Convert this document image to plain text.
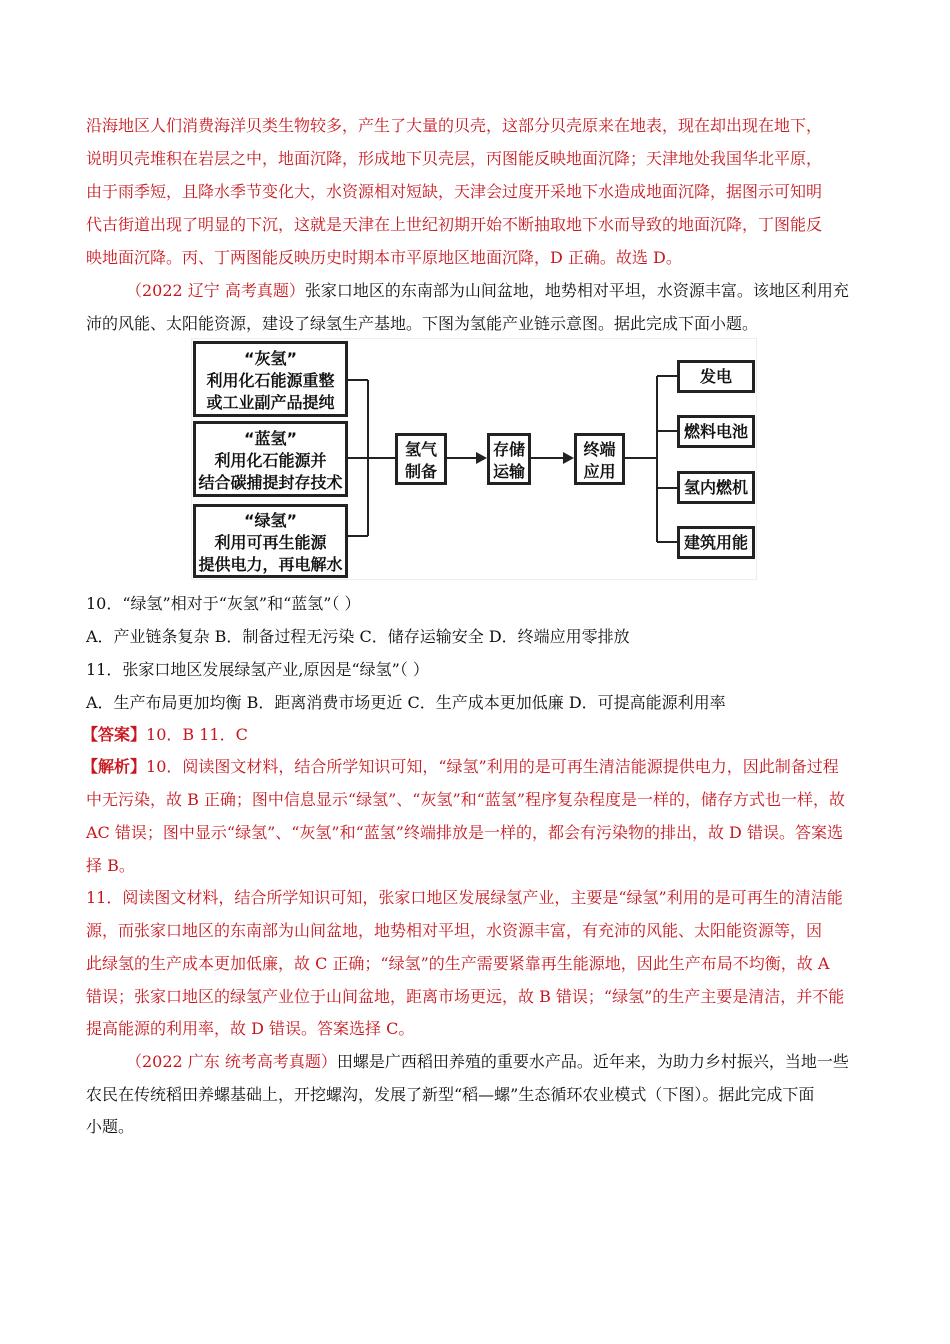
沿海地区人们消费海洋贝类生物较多，产生了大量的贝壳，这部分贝壳原来在地表，现在却出现在地下，
说明贝壳堆积在岩层之中，地面沉降，形成地下贝壳层，丙图能反映地面沉降；天津地处我国华北平原，
由于雨季短，且降水季节变化大，水资源相对短缺，天津会过度开采地下水造成地面沉降，据图示可知明
代古街道出现了明显的下沉，这就是天津在上世纪初期开始不断抽取地下水而导致的地面沉降，丁图能反
映地面沉降。丙、丁两图能反映历史时期本市平原地区地面沉降，D 正确。故选 D。
（2022 辽宁 高考真题）张家口地区的东南部为山间盆地，地势相对平坦，水资源丰富。该地区利用充
沛的风能、太阳能资源，建设了绿氢生产基地。下图为氢能产业链示意图。据此完成下面小题。
“灰氢”
利用化石能源重整
或工业副产品提纯
“蓝氢”
利用化石能源并
结合碳捕提封存技术
“绿氢”
利用可再生能源
提供电力，再电解水
氢气
制备
存储
运输
终端
应用
发电
燃料电池
氢内燃机
建筑用能
10．“绿氢”相对于“灰氢”和“蓝氢”（ ）
A．产业链条复杂 B．制备过程无污染 C．储存运输安全 D．终端应用零排放
11．张家口地区发展绿氢产业,原因是“绿氢”（ ）
A．生产布局更加均衡 B．距离消费市场更近 C．生产成本更加低廉 D．可提高能源利用率
【答案】10．B 11．C
【解析】10．阅读图文材料，结合所学知识可知，“绿氢”利用的是可再生清洁能源提供电力，因此制备过程
中无污染，故 B 正确；图中信息显示“绿氢”、“灰氢”和“蓝氢”程序复杂程度是一样的，储存方式也一样，故
AC 错误；图中显示“绿氢”、“灰氢”和“蓝氢”终端排放是一样的，都会有污染物的排出，故 D 错误。答案选
择 B。
11．阅读图文材料，结合所学知识可知，张家口地区发展绿氢产业，主要是“绿氢”利用的是可再生的清洁能
源，而张家口地区的东南部为山间盆地，地势相对平坦，水资源丰富，有充沛的风能、太阳能资源等，因
此绿氢的生产成本更加低廉，故 C 正确；“绿氢”的生产需要紧靠再生能源地，因此生产布局不均衡，故 A
错误；张家口地区的绿氢产业位于山间盆地，距离市场更远，故 B 错误；“绿氢”的生产主要是清洁，并不能
提高能源的利用率，故 D 错误。答案选择 C。
（2022 广东 统考高考真题）田螺是广西稻田养殖的重要水产品。近年来，为助力乡村振兴，当地一些
农民在传统稻田养螺基础上，开挖螺沟，发展了新型“稻—螺”生态循环农业模式（下图）。据此完成下面
小题。
